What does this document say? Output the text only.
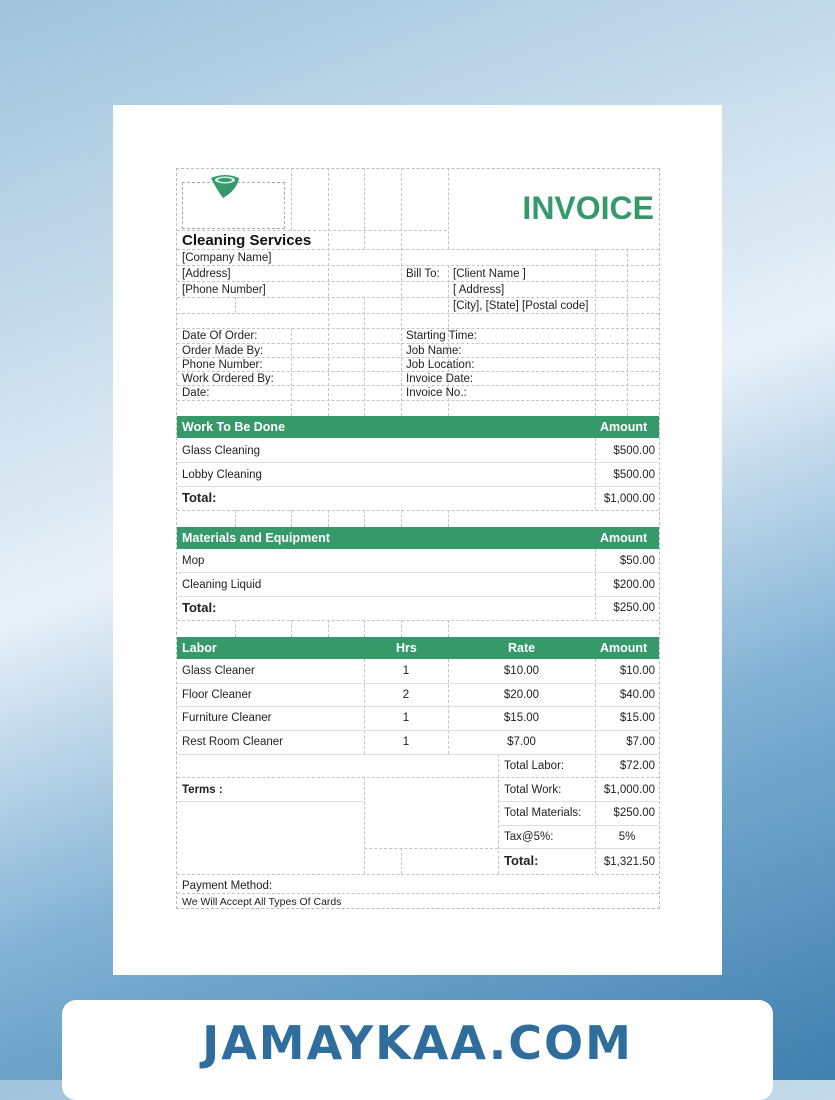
INVOICE
Cleaning Services
[Company Name]
[Address]
[Phone Number]
Bill To: [Client Name ]
[ Address]
[City], [State] [Postal code]
Date Of Order:
Order Made By:
Phone Number:
Work Ordered By:
Date:
Starting Time:
Job Name:
Job Location:
Invoice Date:
Invoice No.:
Work To Be Done	Amount
Glass Cleaning	$500.00
Lobby Cleaning	$500.00
Total:	$1,000.00
Materials and Equipment	Amount
Mop	$50.00
Cleaning Liquid	$200.00
Total:	$250.00
Labor	Hrs	Rate	Amount
Glass Cleaner	1	$10.00	$10.00
Floor Cleaner	2	$20.00	$40.00
Furniture Cleaner	1	$15.00	$15.00
Rest Room Cleaner	1	$7.00	$7.00
Terms :
Total Labor:	$72.00
Total Work:	$1,000.00
Total Materials:	$250.00
Tax@5%:	5%
Total:	$1,321.50
Payment Method:
We Will Accept All Types Of Cards
JAMAYKAA.COM
